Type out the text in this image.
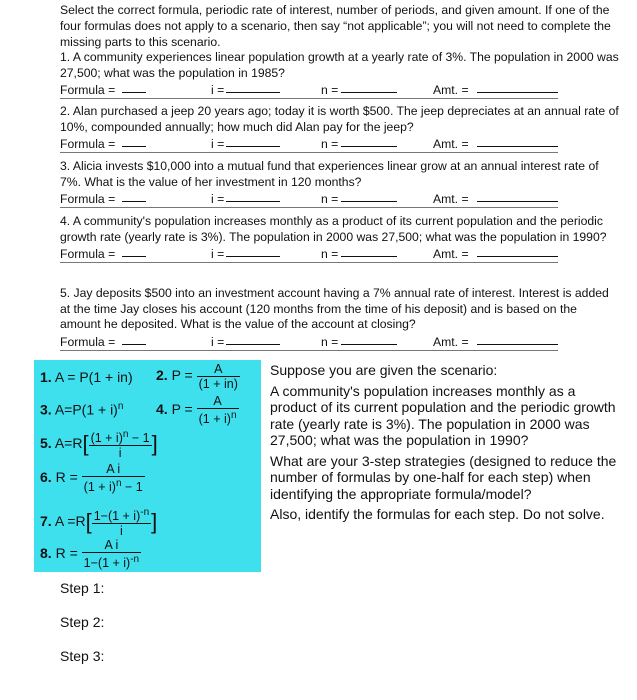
Select the correct formula, periodic rate of interest, number of periods, and given amount. If one of the four formulas does not apply to a scenario, then say “not applicable”; you will not need to complete the missing parts to this scenario.

1. A community experiences linear population growth at a yearly rate of 3%. The population in 2000 was 27,500; what was the population in 1985?

Formula =	i =	n =	Amt. =

2. Alan purchased a jeep 20 years ago; today it is worth $500. The jeep depreciates at an annual rate of 10%, compounded annually; how much did Alan pay for the jeep?

Formula =	i =	n =	Amt. =

3. Alicia invests $10,000 into a mutual fund that experiences linear grow at an annual interest rate of 7%. What is the value of her investment in 120 months?

Formula =	i =	n =	Amt. =

4. A community's population increases monthly as a product of its current population and the periodic growth rate (yearly rate is 3%). The population in 2000 was 27,500; what was the population in 1990?

Formula =	i =	n =	Amt. =

5. Jay deposits $500 into an investment account having a 7% annual rate of interest. Interest is added at the time Jay closes his account (120 months from the time of his deposit) and is based on the amount he deposited. What is the value of the account at closing?

Formula =	i =	n =	Amt. =
1. A = P(1 + in) 2. $P = \frac{A}{(1 + in)}$
3. $A=P(1 + i)^n$ 4. $P = \frac{A}{(1 + i)^n}$
5. $A=R[ \frac{(1 + i)^n - 1}{i}$ ]
6. $R = \frac{\text{A i}}{(1 + i)^n - 1}$
7. $A =R[ \frac{1-(1 + i)^{-n}}{i}$ ]
8. $R = \frac{\text{A i}}{1-(1 + i)^{-n}}$

Suppose you are given the scenario:

A community's population increases monthly as a product of its current population and the periodic growth rate (yearly rate is 3%). The population in 2000 was 27,500; what was the population in 1990?

What are your 3-step strategies (designed to reduce the number of formulas by one-half for each step) when identifying the appropriate formula/model?

Also, identify the formulas for each step. Do not solve.

Step 1:
Step 2:
Step 3:
